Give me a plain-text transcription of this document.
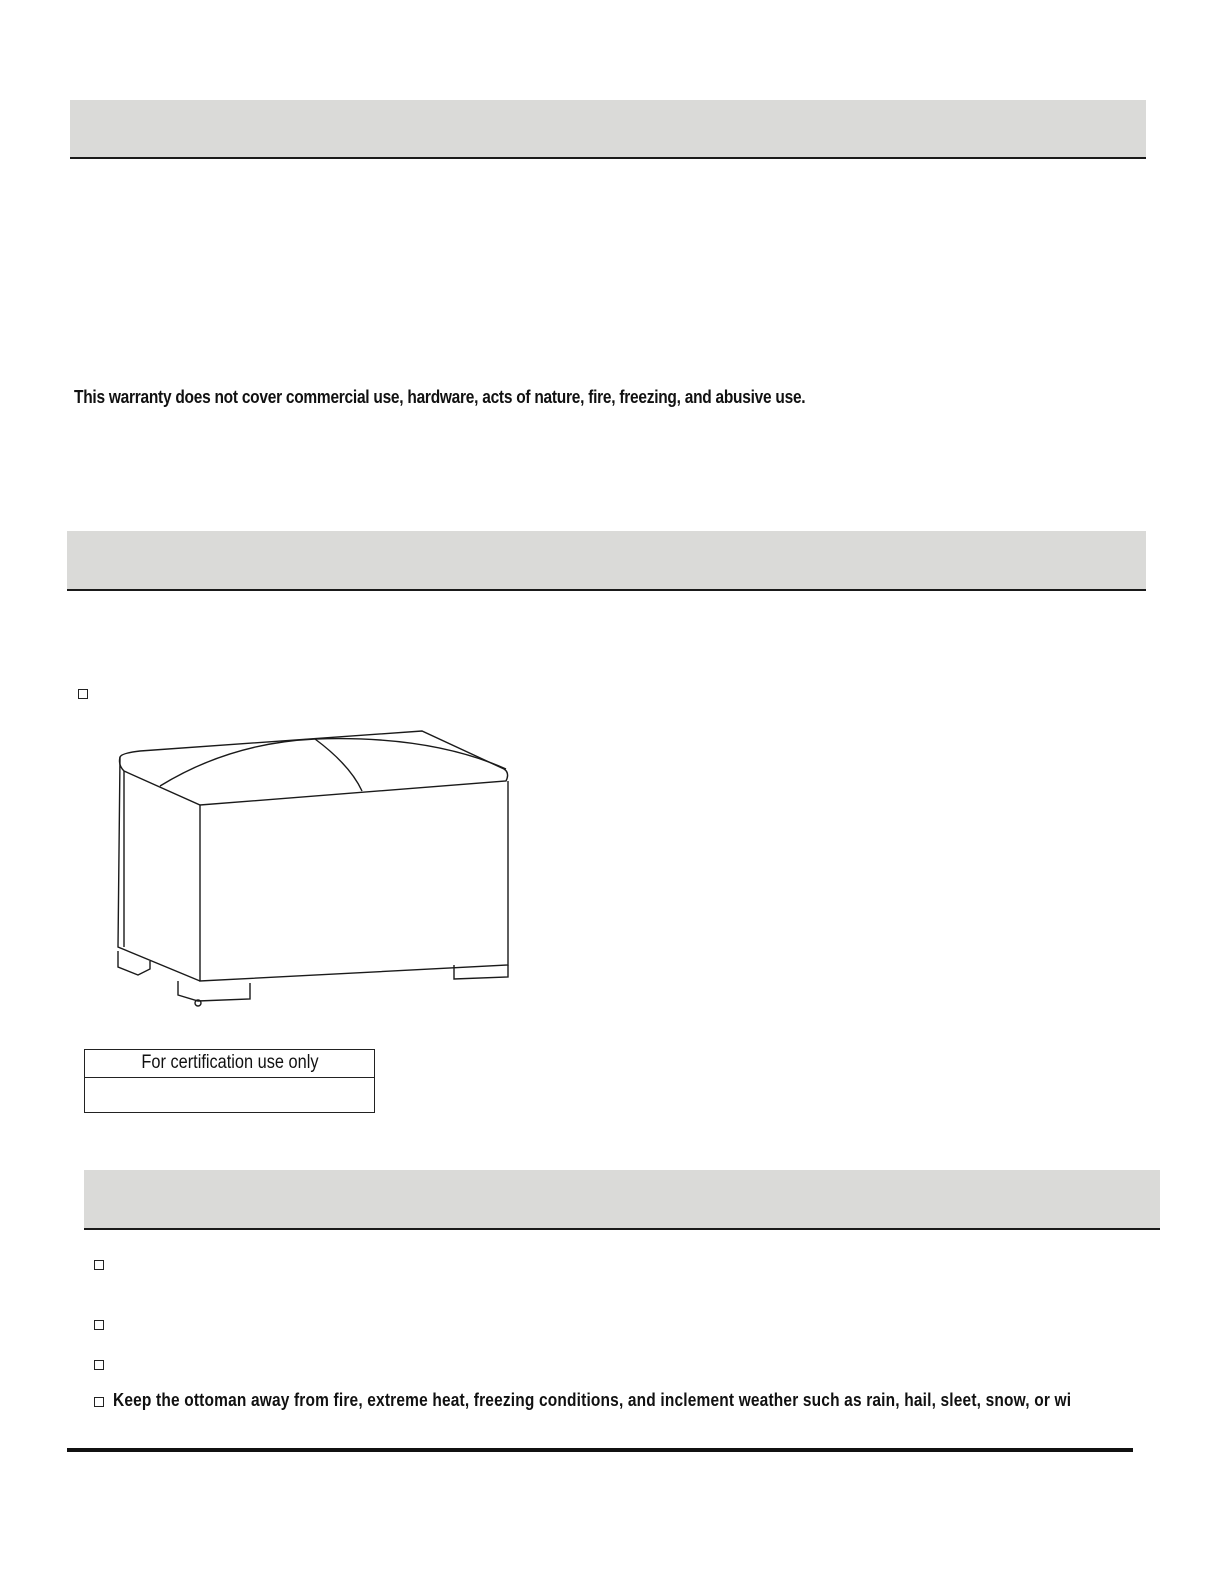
This warranty does not cover commercial use, hardware, acts of nature, fire, freezing, and abusive use.
For certification use only
Keep the ottoman away from fire, extreme heat, freezing conditions, and inclement weather such as rain, hail, sleet, snow, or wi
